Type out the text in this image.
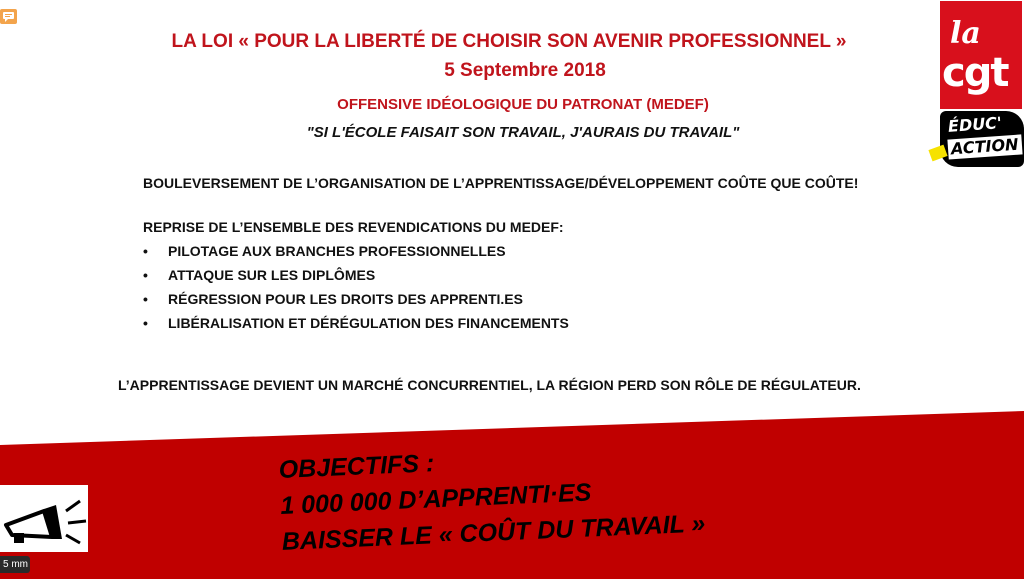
LA LOI « POUR LA LIBERTÉ DE CHOISIR SON AVENIR PROFESSIONNEL »
5 Septembre 2018
OFFENSIVE IDÉOLOGIQUE DU PATRONAT (MEDEF)
"SI L'ÉCOLE FAISAIT SON TRAVAIL, J'AURAIS DU TRAVAIL"
la
cgt
ÉDUC'
ACTION
BOULEVERSEMENT DE L’ORGANISATION DE L’APPRENTISSAGE/DÉVELOPPEMENT COÛTE QUE COÛTE!
REPRISE DE L’ENSEMBLE DES REVENDICATIONS DU MEDEF:
• PILOTAGE AUX BRANCHES PROFESSIONNELLES
• ATTAQUE SUR LES DIPLÔMES
• RÉGRESSION POUR LES DROITS DES APPRENTI.ES
• LIBÉRALISATION ET DÉRÉGULATION DES FINANCEMENTS
L’APPRENTISSAGE DEVIENT UN MARCHÉ CONCURRENTIEL, LA RÉGION PERD SON RÔLE DE RÉGULATEUR.
OBJECTIFS :
1 000 000 D’APPRENTI·ES
BAISSER LE « COÛT DU TRAVAIL »
5 mm
